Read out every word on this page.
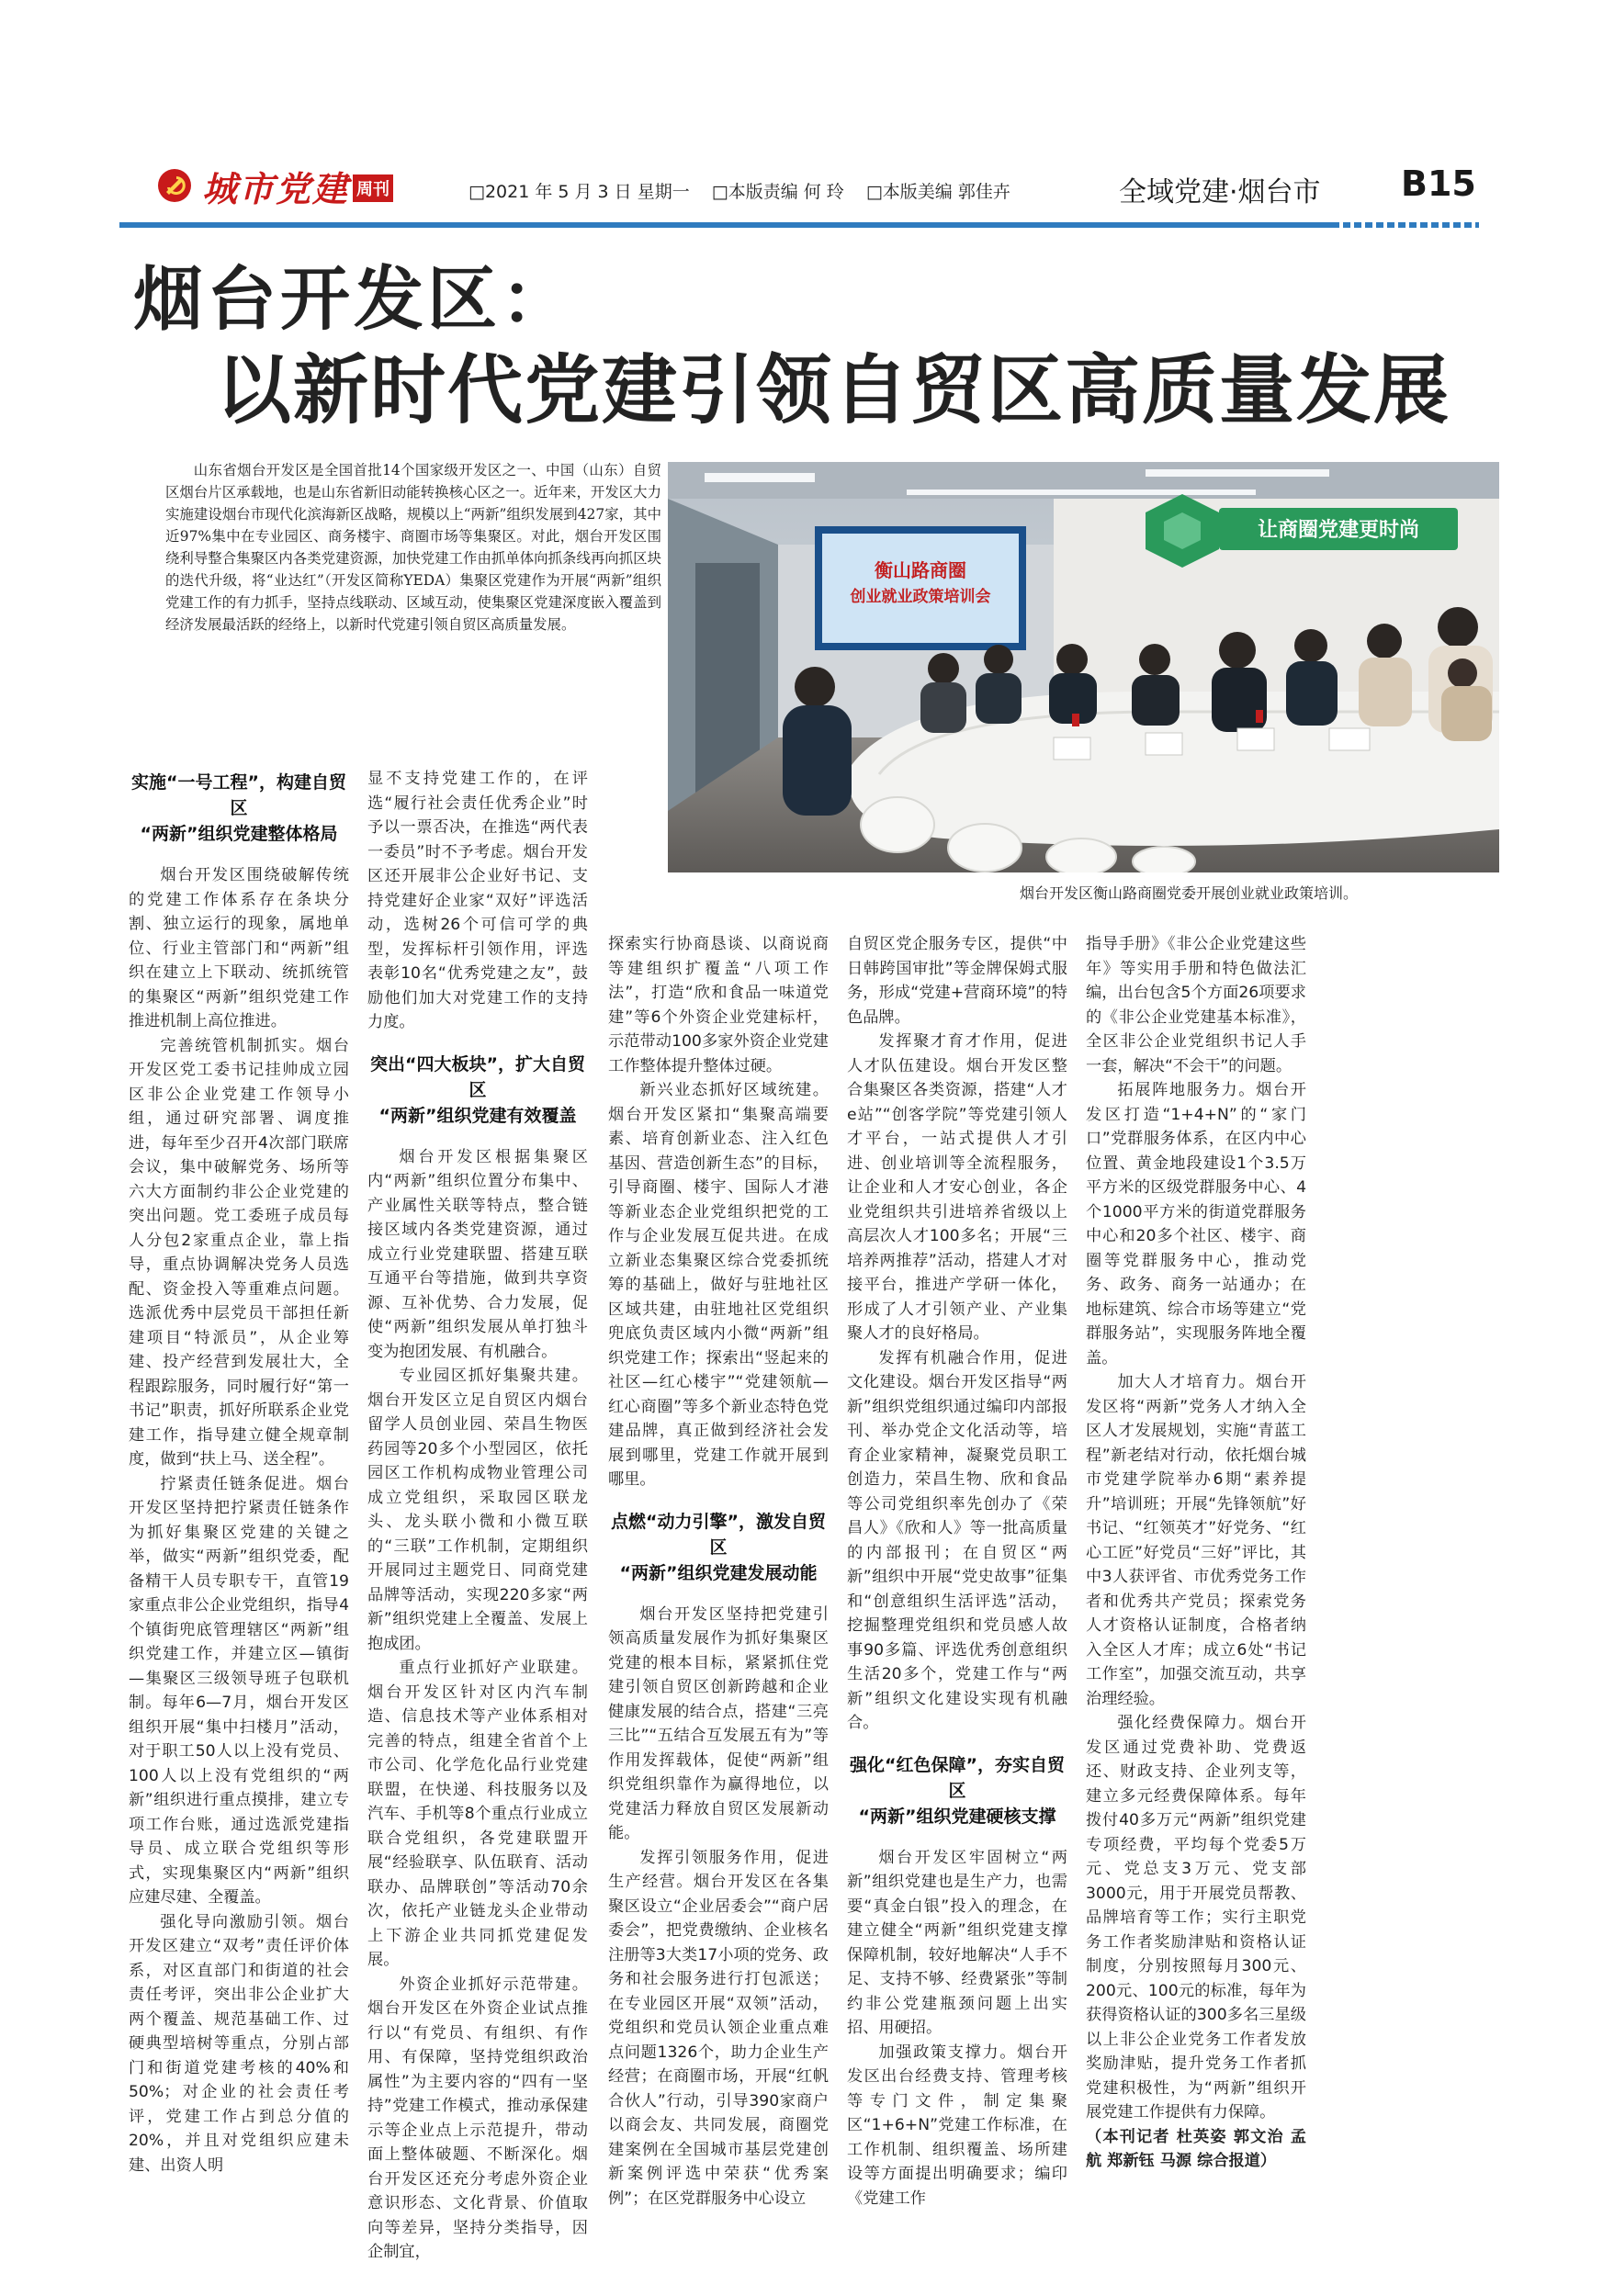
城市党建 周刊	□2021 年 5 月 3 日 星期一 □本版责编 何 玲 □本版美编 郭佳卉	全域党建·烟台市 B15
烟台开发区：
以新时代党建引领自贸区高质量发展
山东省烟台开发区是全国首批14个国家级开发区之一、中国（山东）自贸区烟台片区承载地，也是山东省新旧动能转换核心区之一。近年来，开发区大力实施建设烟台市现代化滨海新区战略，规模以上“两新”组织发展到427家，其中近97%集中在专业园区、商务楼宇、商圈市场等集聚区。对此，烟台开发区围绕利导整合集聚区内各类党建资源，加快党建工作由抓单体向抓条线再向抓区块的迭代升级，将“业达红”（开发区简称YEDA）集聚区党建作为开展“两新”组织党建工作的有力抓手，坚持点线联动、区域互动，使集聚区党建深度嵌入覆盖到经济发展最活跃的经络上，以新时代党建引领自贸区高质量发展。
衡山路商圈
创业就业政策培训会
让商圈党建更时尚
烟台开发区衡山路商圈党委开展创业就业政策培训。
实施“一号工程”，构建自贸区
“两新”组织党建整体格局

烟台开发区围绕破解传统的党建工作体系存在条块分割、独立运行的现象，属地单位、行业主管部门和“两新”组织在建立上下联动、统抓统管的集聚区“两新”组织党建工作推进机制上高位推进。

完善统管机制抓实。烟台开发区党工委书记挂帅成立园区非公企业党建工作领导小组，通过研究部署、调度推进，每年至少召开4次部门联席会议，集中破解党务、场所等六大方面制约非公企业党建的突出问题。党工委班子成员每人分包2家重点企业，靠上指导，重点协调解决党务人员选配、资金投入等重难点问题。选派优秀中层党员干部担任新建项目“特派员”，从企业筹建、投产经营到发展壮大，全程跟踪服务，同时履行好“第一书记”职责，抓好所联系企业党建工作，指导建立健全规章制度，做到“扶上马、送全程”。

拧紧责任链条促进。烟台开发区坚持把拧紧责任链条作为抓好集聚区党建的关键之举，做实“两新”组织党委，配备精干人员专职专干，直管19家重点非公企业党组织，指导4个镇街兜底管理辖区“两新”组织党建工作，并建立区—镇街—集聚区三级领导班子包联机制。每年6—7月，烟台开发区组织开展“集中扫楼月”活动，对于职工50人以上没有党员、100人以上没有党组织的“两新”组织进行重点摸排，建立专项工作台账，通过选派党建指导员、成立联合党组织等形式，实现集聚区内“两新”组织应建尽建、全覆盖。

强化导向激励引领。烟台开发区建立“双考”责任评价体系，对区直部门和街道的社会责任考评，突出非公企业扩大两个覆盖、规范基础工作、过硬典型培树等重点，分别占部门和街道党建考核的40%和50%；对企业的社会责任考评，党建工作占到总分值的20%，并且对党组织应建未建、出资人明

显不支持党建工作的，在评选“履行社会责任优秀企业”时予以一票否决，在推选“两代表一委员”时不予考虑。烟台开发区还开展非公企业好书记、支持党建好企业家“双好”评选活动，选树26个可信可学的典型，发挥标杆引领作用，评选表彰10名“优秀党建之友”，鼓励他们加大对党建工作的支持力度。

突出“四大板块”，扩大自贸区
“两新”组织党建有效覆盖

烟台开发区根据集聚区内“两新”组织位置分布集中、产业属性关联等特点，整合链接区域内各类党建资源，通过成立行业党建联盟、搭建互联互通平台等措施，做到共享资源、互补优势、合力发展，促使“两新”组织发展从单打独斗变为抱团发展、有机融合。

专业园区抓好集聚共建。烟台开发区立足自贸区内烟台留学人员创业园、荣昌生物医药园等20多个小型园区，依托园区工作机构成物业管理公司成立党组织，采取园区联龙头、龙头联小微和小微互联的“三联”工作机制，定期组织开展同过主题党日、同商党建品牌等活动，实现220多家“两新”组织党建上全覆盖、发展上抱成团。

重点行业抓好产业联建。烟台开发区针对区内汽车制造、信息技术等产业体系相对完善的特点，组建全省首个上市公司、化学危化品行业党建联盟，在快递、科技服务以及汽车、手机等8个重点行业成立联合党组织，各党建联盟开展“经验联享、队伍联育、活动联办、品牌联创”等活动70余次，依托产业链龙头企业带动上下游企业共同抓党建促发展。

外资企业抓好示范带建。烟台开发区在外资企业试点推行以“有党员、有组织、有作用、有保障，坚持党组织政治属性”为主要内容的“四有一坚持”党建工作模式，推动承保建示等企业点上示范提升，带动面上整体破题、不断深化。烟台开发区还充分考虑外资企业意识形态、文化背景、价值取向等差异，坚持分类指导，因企制宜，

探索实行协商恳谈、以商说商等建组织扩覆盖“八项工作法”，打造“欣和食品一味道党建”等6个外资企业党建标杆，示范带动100多家外资企业党建工作整体提升整体过硬。

新兴业态抓好区域统建。烟台开发区紧扣“集聚高端要素、培育创新业态、注入红色基因、营造创新生态”的目标，引导商圈、楼宇、国际人才港等新业态企业党组织把党的工作与企业发展互促共进。在成立新业态集聚区综合党委抓统筹的基础上，做好与驻地社区区域共建，由驻地社区党组织兜底负责区域内小微“两新”组织党建工作；探索出“竖起来的社区—红心楼宇”“党建领航—红心商圈”等多个新业态特色党建品牌，真正做到经济社会发展到哪里，党建工作就开展到哪里。

点燃“动力引擎”，激发自贸区
“两新”组织党建发展动能

烟台开发区坚持把党建引领高质量发展作为抓好集聚区党建的根本目标，紧紧抓住党建引领自贸区创新跨越和企业健康发展的结合点，搭建“三亮三比”“五结合互发展五有为”等作用发挥载体，促使“两新”组织党组织靠作为赢得地位，以党建活力释放自贸区发展新动能。

发挥引领服务作用，促进生产经营。烟台开发区在各集聚区设立“企业居委会”“商户居委会”，把党费缴纳、企业核名注册等3大类17小项的党务、政务和社会服务进行打包派送；在专业园区开展“双领”活动，党组织和党员认领企业重点难点问题1326个，助力企业生产经营；在商圈市场，开展“红帆合伙人”行动，引导390家商户以商会友、共同发展，商圈党建案例在全国城市基层党建创新案例评选中荣获“优秀案例”；在区党群服务中心设立

自贸区党企服务专区，提供“中日韩跨国审批”等金牌保姆式服务，形成“党建+营商环境”的特色品牌。

发挥聚才育才作用，促进人才队伍建设。烟台开发区整合集聚区各类资源，搭建“人才e站”“创客学院”等党建引领人才平台，一站式提供人才引进、创业培训等全流程服务，让企业和人才安心创业，各企业党组织共引进培养省级以上高层次人才100多名；开展“三培养两推荐”活动，搭建人才对接平台，推进产学研一体化，形成了人才引领产业、产业集聚人才的良好格局。

发挥有机融合作用，促进文化建设。烟台开发区指导“两新”组织党组织通过编印内部报刊、举办党企文化活动等，培育企业家精神，凝聚党员职工创造力，荣昌生物、欣和食品等公司党组织率先创办了《荣昌人》《欣和人》等一批高质量的内部报刊；在自贸区“两新”组织中开展“党史故事”征集和“创意组织生活评选”活动，挖掘整理党组织和党员感人故事90多篇、评选优秀创意组织生活20多个，党建工作与“两新”组织文化建设实现有机融合。

强化“红色保障”，夯实自贸区
“两新”组织党建硬核支撑

烟台开发区牢固树立“两新”组织党建也是生产力，也需要“真金白银”投入的理念，在建立健全“两新”组织党建支撑保障机制，较好地解决“人手不足、支持不够、经费紧张”等制约非公党建瓶颈问题上出实招、用硬招。

加强政策支撑力。烟台开发区出台经费支持、管理考核等专门文件，制定集聚区“1+6+N”党建工作标准，在工作机制、组织覆盖、场所建设等方面提出明确要求；编印《党建工作

指导手册》《非公企业党建这些年》等实用手册和特色做法汇编，出台包含5个方面26项要求的《非公企业党建基本标准》，全区非公企业党组织书记人手一套，解决“不会干”的问题。

拓展阵地服务力。烟台开发区打造“1+4+N”的“家门口”党群服务体系，在区内中心位置、黄金地段建设1个3.5万平方米的区级党群服务中心、4个1000平方米的街道党群服务中心和20多个社区、楼宇、商圈等党群服务中心，推动党务、政务、商务一站通办；在地标建筑、综合市场等建立“党群服务站”，实现服务阵地全覆盖。

加大人才培育力。烟台开发区将“两新”党务人才纳入全区人才发展规划，实施“青蓝工程”新老结对行动，依托烟台城市党建学院举办6期“素养提升”培训班；开展“先锋领航”好书记、“红领英才”好党务、“红心工匠”好党员“三好”评比，其中3人获评省、市优秀党务工作者和优秀共产党员；探索党务人才资格认证制度，合格者纳入全区人才库；成立6处“书记工作室”，加强交流互动，共享治理经验。

强化经费保障力。烟台开发区通过党费补助、党费返还、财政支持、企业列支等，建立多元经费保障体系。每年拨付40多万元“两新”组织党建专项经费，平均每个党委5万元、党总支3万元、党支部3000元，用于开展党员帮教、品牌培育等工作；实行主职党务工作者奖励津贴和资格认证制度，分别按照每月300元、200元、100元的标准，每年为获得资格认证的300多名三星级以上非公企业党务工作者发放奖励津贴，提升党务工作者抓党建积极性，为“两新”组织开展党建工作提供有力保障。

（本刊记者 杜英姿 郭文治 孟航 郑新钰 马源 综合报道）
